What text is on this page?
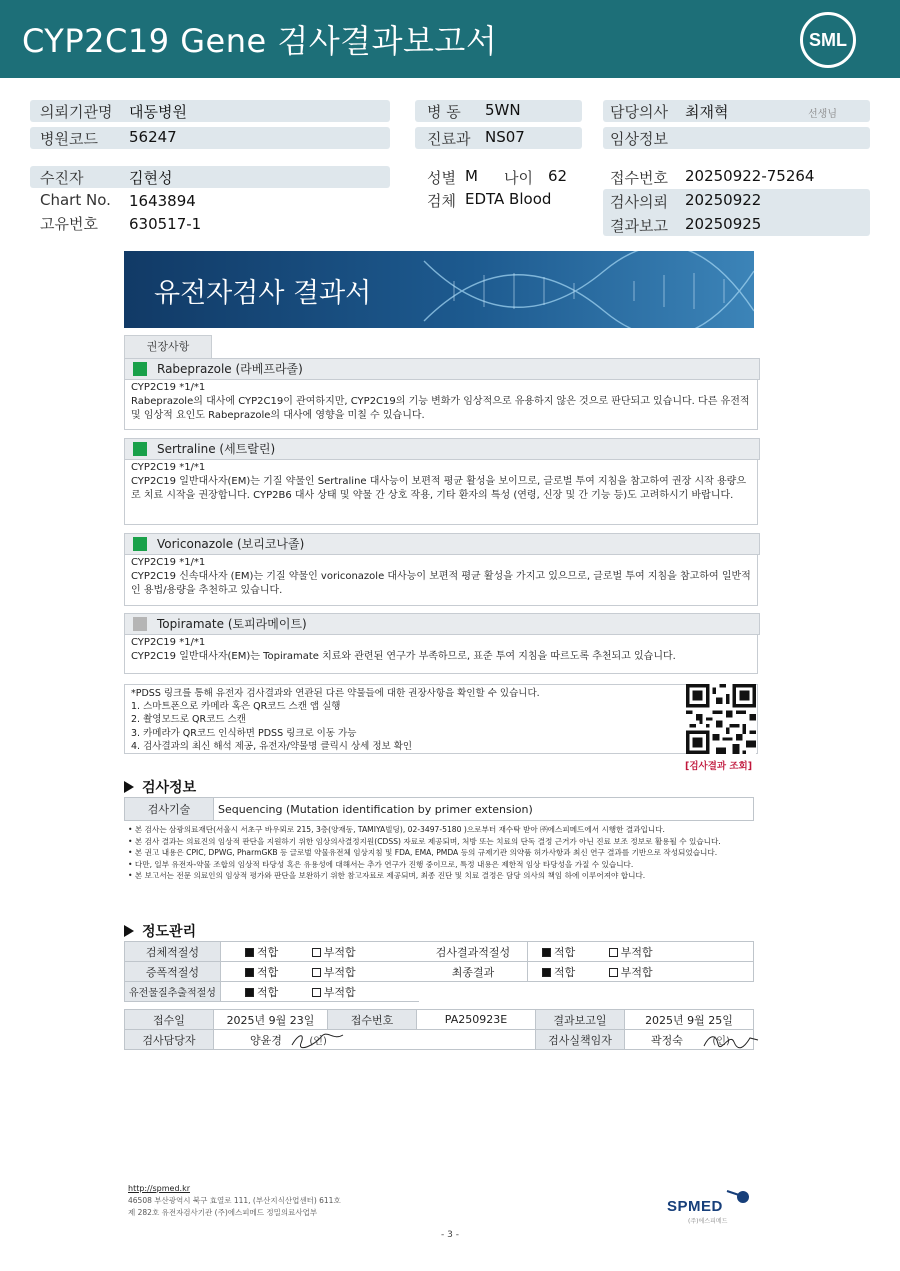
CYP2C19 Gene 검사결과보고서	SML
의뢰기관명 대동병원
병원코드 56247
병 동 5WN
진료과 NS07
담당의사 최재혁	선생님
임상정보
수진자	김현성
Chart No. 1643894
고유번호 630517-1
성별 M 나이 62
검체 EDTA Blood
접수번호 20250922-75264
검사의뢰 20250922
결과보고 20250925
유전자검사 결과서
권장사항
Rabeprazole (라베프라졸)
CYP2C19 *1/*1
Rabeprazole의 대사에 CYP2C19이 관여하지만, CYP2C19의 기능 변화가 임상적으로 유용하지 않은 것으로 판단되고 있습니다. 다른 유전적 및 임상적 요인도 Rabeprazole의 대사에 영향을 미칠 수 있습니다.
Sertraline (세트랄린)
CYP2C19 *1/*1
CYP2C19 일반대사자(EM)는 기질 약물인 Sertraline 대사능이 보편적 평균 활성을 보이므로, 글로벌 투여 지침을 참고하여 권장 시작 용량으로 치료 시작을 권장합니다. CYP2B6 대사 상태 및 약물 간 상호 작용, 기타 환자의 특성 (연령, 신장 및 간 기능 등)도 고려하시기 바랍니다.
Voriconazole (보리코나졸)
CYP2C19 *1/*1
CYP2C19 신속대사자 (EM)는 기질 약물인 voriconazole 대사능이 보편적 평균 활성을 가지고 있으므로, 글로벌 투여 지침을 참고하여 일반적인 용법/용량을 추천하고 있습니다.
Topiramate (토피라메이트)
CYP2C19 *1/*1
CYP2C19 일반대사자(EM)는 Topiramate 치료와 관련된 연구가 부족하므로, 표준 투여 지침을 따르도록 추천되고 있습니다.
*PDSS 링크를 통해 유전자 검사결과와 연관된 다른 약물들에 대한 권장사항을 확인할 수 있습니다.
1. 스마트폰으로 카메라 혹은 QR코드 스캔 앱 실행
2. 촬영모드로 QR코드 스캔
3. 카메라가 QR코드 인식하면 PDSS 링크로 이동 가능
4. 검사결과의 최신 해석 제공, 유전자/약물명 클릭시 상세 정보 확인
[검사결과 조회]
검사정보
검사기술	Sequencing (Mutation identification by primer extension)
• 본 검사는 삼광의료재단(서울시 서초구 바우뫼로 215, 3층(양재동, TAMIYA빌딩), 02-3497-5180 )으로부터 재수탁 받아 ㈜에스피메드에서 시행한 결과입니다.
• 본 검사 결과는 의료진의 임상적 판단을 지원하기 위한 임상의사결정지원(CDSS) 자료로 제공되며, 처방 또는 치료의 단독 결정 근거가 아닌 진료 보조 정보로 활용될 수 있습니다.
• 본 권고 내용은 CPIC, DPWG, PharmGKB 등 글로벌 약물유전체 임상지침 및 FDA, EMA, PMDA 등의 규제기관 의약품 허가사항과 최신 연구 결과를 기반으로 작성되었습니다.
• 다만, 일부 유전자-약물 조합의 임상적 타당성 혹은 유용성에 대해서는 추가 연구가 진행 중이므로, 특정 내용은 제한적 임상 타당성을 가질 수 있습니다.
• 본 보고서는 전문 의료인의 임상적 평가와 판단을 보완하기 위한 참고자료로 제공되며, 최종 진단 및 치료 결정은 담당 의사의 책임 하에 이루어져야 합니다.
정도관리
검체적절성	적합 부적합	검사결과적절성	적합 부적합
증폭적절성	적합 부적합	최종결과	적합 부적합
유전물질추출적절성	적합 부적합		
접수일	2025년 9월 23일	접수번호	PA250923E	결과보고일	2025년 9월 25일
검사담당자	양윤경 (인)			검사실책임자	곽정숙 (인)
http://spmed.kr
46508 부산광역시 북구 효열로 111, (부산지식산업센터) 611호
제 282호 유전자검사기관 (주)에스피메드 정밀의료사업부	SPMED
(주)에스피메드
- 3 -
